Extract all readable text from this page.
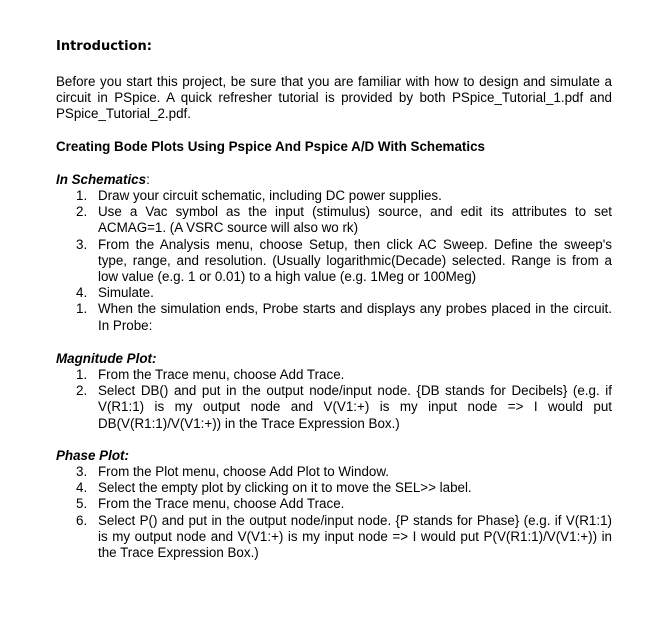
Introduction:
Before you start this project, be sure that you are familiar with how to design and simulate a circuit in PSpice. A quick refresher tutorial is provided by both PSpice_Tutorial_1.pdf and PSpice_Tutorial_2.pdf.
Creating Bode Plots Using Pspice And Pspice A/D With Schematics
In Schematics:
1. Draw your circuit schematic, including DC power supplies.
2. Use a Vac symbol as the input (stimulus) source, and edit its attributes to set ACMAG=1. (A VSRC source will also wo rk)
3. From the Analysis menu, choose Setup, then click AC Sweep. Define the sweep's type, range, and resolution. (Usually logarithmic(Decade) selected. Range is from a low value (e.g. 1 or 0.01) to a high value (e.g. 1Meg or 100Meg)
4. Simulate.
1. When the simulation ends, Probe starts and displays any probes placed in the circuit. In Probe:
Magnitude Plot:
1. From the Trace menu, choose Add Trace.
2. Select DB() and put in the output node/input node. {DB stands for Decibels} (e.g. if V(R1:1) is my output node and V(V1:+) is my input node => I would put DB(V(R1:1)/V(V1:+)) in the Trace Expression Box.)
Phase Plot:
3. From the Plot menu, choose Add Plot to Window.
4. Select the empty plot by clicking on it to move the SEL>> label.
5. From the Trace menu, choose Add Trace.
6. Select P() and put in the output node/input node. {P stands for Phase} (e.g. if V(R1:1) is my output node and V(V1:+) is my input node => I would put P(V(R1:1)/V(V1:+)) in the Trace Expression Box.)
